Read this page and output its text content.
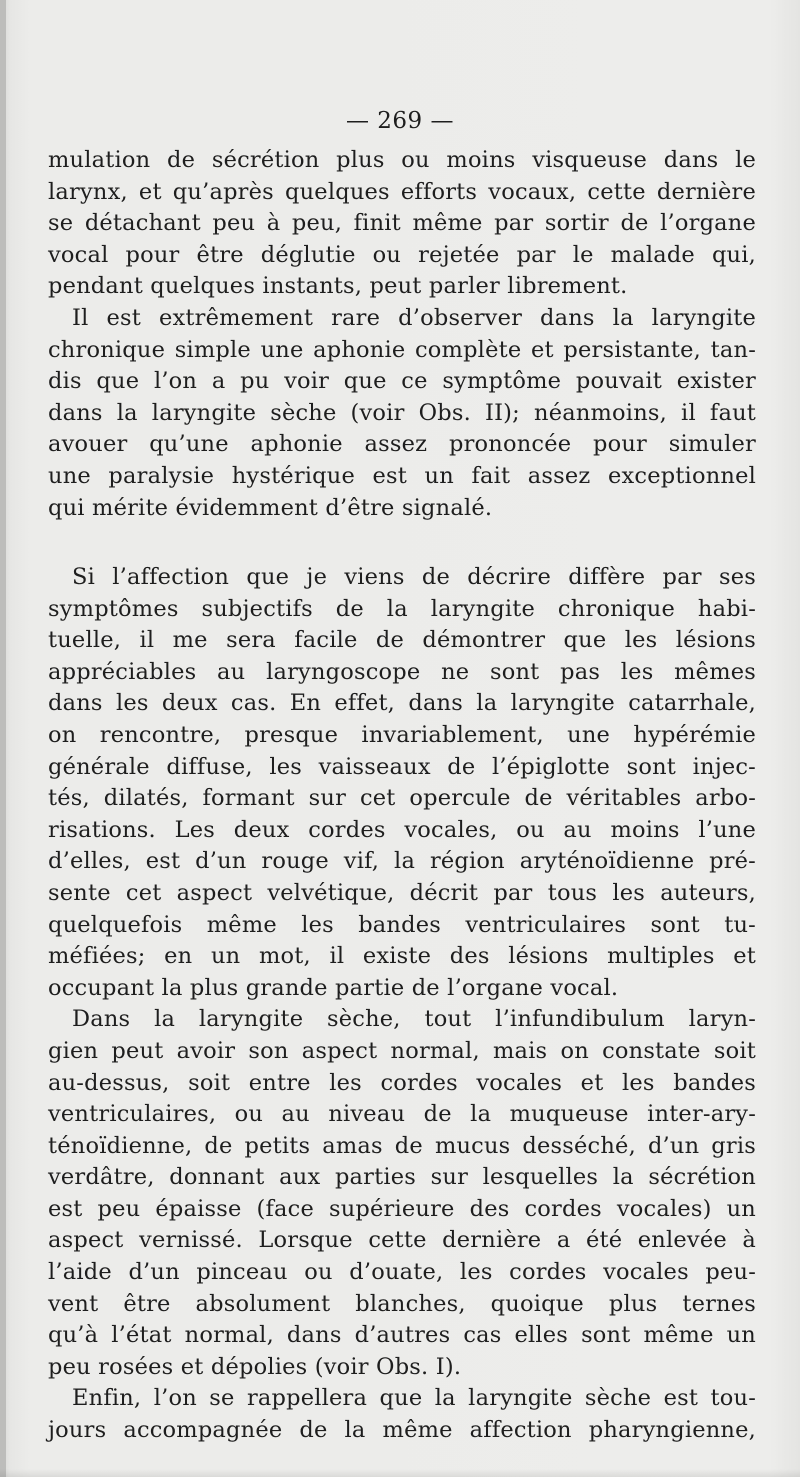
— 269 —
mulation de sécrétion plus ou moins visqueuse dans le
larynx, et qu’après quelques efforts vocaux, cette dernière
se détachant peu à peu, finit même par sortir de l’organe
vocal pour être déglutie ou rejetée par le malade qui,
pendant quelques instants, peut parler librement.
Il est extrêmement rare d’observer dans la laryngite
chronique simple une aphonie complète et persistante, tan-
dis que l’on a pu voir que ce symptôme pouvait exister
dans la laryngite sèche (voir Obs. II); néanmoins, il faut
avouer qu’une aphonie assez prononcée pour simuler
une paralysie hystérique est un fait assez exceptionnel
qui mérite évidemment d’être signalé.
Si l’affection que je viens de décrire diffère par ses
symptômes subjectifs de la laryngite chronique habi-
tuelle, il me sera facile de démontrer que les lésions
appréciables au laryngoscope ne sont pas les mêmes
dans les deux cas. En effet, dans la laryngite catarrhale,
on rencontre, presque invariablement, une hypérémie
générale diffuse, les vaisseaux de l’épiglotte sont injec-
tés, dilatés, formant sur cet opercule de véritables arbo-
risations. Les deux cordes vocales, ou au moins l’une
d’elles, est d’un rouge vif, la région aryténoïdienne pré-
sente cet aspect velvétique, décrit par tous les auteurs,
quelquefois même les bandes ventriculaires sont tu-
méfiées; en un mot, il existe des lésions multiples et
occupant la plus grande partie de l’organe vocal.
Dans la laryngite sèche, tout l’infundibulum laryn-
gien peut avoir son aspect normal, mais on constate soit
au-dessus, soit entre les cordes vocales et les bandes
ventriculaires, ou au niveau de la muqueuse inter-ary-
ténoïdienne, de petits amas de mucus desséché, d’un gris
verdâtre, donnant aux parties sur lesquelles la sécrétion
est peu épaisse (face supérieure des cordes vocales) un
aspect vernissé. Lorsque cette dernière a été enlevée à
l’aide d’un pinceau ou d’ouate, les cordes vocales peu-
vent être absolument blanches, quoique plus ternes
qu’à l’état normal, dans d’autres cas elles sont même un
peu rosées et dépolies (voir Obs. I).
Enfin, l’on se rappellera que la laryngite sèche est tou-
jours accompagnée de la même affection pharyngienne,
